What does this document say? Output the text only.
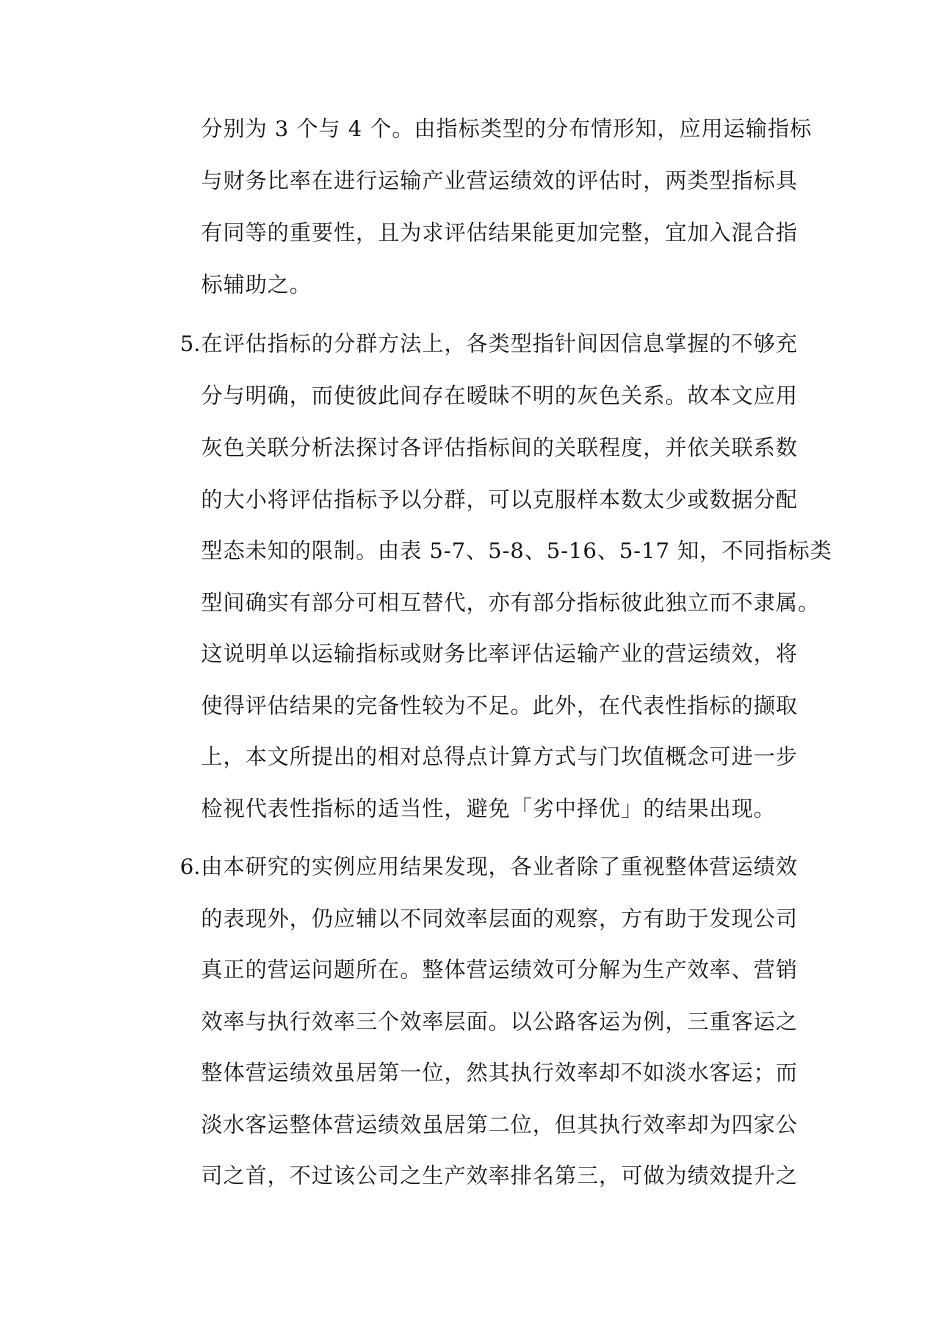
分别为 3 个与 4 个。由指标类型的分布情形知，应用运输指标
与财务比率在进行运输产业营运绩效的评估时，两类型指标具
有同等的重要性，且为求评估结果能更加完整，宜加入混合指
标辅助之。
5. 在评估指标的分群方法上，各类型指针间因信息掌握的不够充
分与明确，而使彼此间存在暧昧不明的灰色关系。故本文应用
灰色关联分析法探讨各评估指标间的关联程度，并依关联系数
的大小将评估指标予以分群，可以克服样本数太少或数据分配
型态未知的限制。由表 5-7、5-8、5-16、5-17 知，不同指标类
型间确实有部分可相互替代，亦有部分指标彼此独立而不隶属。
这说明单以运输指标或财务比率评估运输产业的营运绩效，将
使得评估结果的完备性较为不足。此外，在代表性指标的撷取
上，本文所提出的相对总得点计算方式与门坎值概念可进一步
检视代表性指标的适当性，避免「劣中择优」的结果出现。
6. 由本研究的实例应用结果发现，各业者除了重视整体营运绩效
的表现外，仍应辅以不同效率层面的观察，方有助于发现公司
真正的营运问题所在。整体营运绩效可分解为生产效率、营销
效率与执行效率三个效率层面。以公路客运为例，三重客运之
整体营运绩效虽居第一位，然其执行效率却不如淡水客运；而
淡水客运整体营运绩效虽居第二位，但其执行效率却为四家公
司之首，不过该公司之生产效率排名第三，可做为绩效提升之
